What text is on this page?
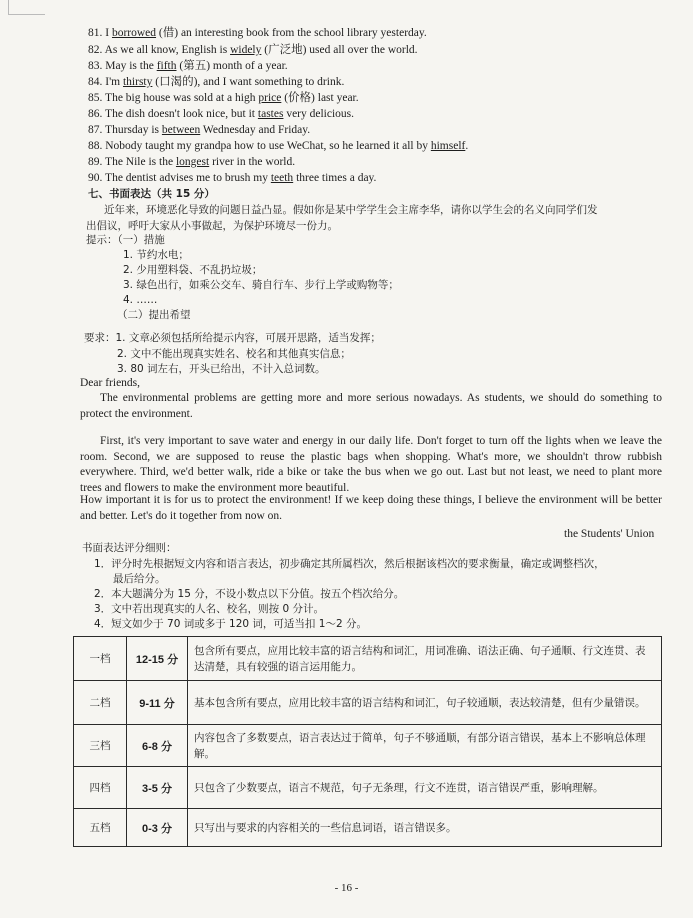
81. I borrowed (借) an interesting book from the school library yesterday.
82. As we all know, English is widely (广泛地) used all over the world.
83. May is the fifth (第五) month of a year.
84. I'm thirsty (口渴的), and I want something to drink.
85. The big house was sold at a high price (价格) last year.
86. The dish doesn't look nice, but it tastes very delicious.
87. Thursday is between Wednesday and Friday.
88. Nobody taught my grandpa how to use WeChat, so he learned it all by himself.
89. The Nile is the longest river in the world.
90. The dentist advises me to brush my teeth three times a day.
七、书面表达（共 15 分）
近年来，环境恶化导致的问题日益凸显。假如你是某中学学生会主席李华，请你以学生会的名义向同学们发
出倡议，呼吁大家从小事做起，为保护环境尽一份力。
提示：（一）措施
1. 节约水电；
2. 少用塑料袋、不乱扔垃圾；
3. 绿色出行，如乘公交车、骑自行车、步行上学或购物等；
4. ……
（二）提出希望
要求：1. 文章必须包括所给提示内容，可展开思路，适当发挥；
2. 文中不能出现真实姓名、校名和其他真实信息；
3. 80 词左右，开头已给出，不计入总词数。
Dear friends,
The environmental problems are getting more and more serious nowadays. As students, we should do something to protect the environment.
First, it's very important to save water and energy in our daily life. Don't forget to turn off the lights when we leave the room. Second, we are supposed to reuse the plastic bags when shopping. What's more, we shouldn't throw rubbish everywhere. Third, we'd better walk, ride a bike or take the bus when we go out. Last but not least, we need to plant more trees and flowers to make the environment more beautiful.
How important it is for us to protect the environment! If we keep doing these things, I believe the environment will be better and better. Let's do it together from now on.
the Students' Union
书面表达评分细则：
1．评分时先根据短文内容和语言表达，初步确定其所属档次，然后根据该档次的要求衡量，确定或调整档次，
最后给分。
2．本大题满分为 15 分，不设小数点以下分值。按五个档次给分。
3．文中若出现真实的人名、校名，则按 0 分计。
4．短文如少于 70 词或多于 120 词，可适当扣 1～2 分。
一档	12-15 分	包含所有要点，应用比较丰富的语言结构和词汇，用词准确、语法正确、句子通顺、行文连贯、表达清楚，具有较强的语言运用能力。
二档	9-11 分	基本包含所有要点，应用比较丰富的语言结构和词汇，句子较通顺，表达较清楚，但有少量错误。
三档	6-8 分	内容包含了多数要点，语言表达过于简单，句子不够通顺，有部分语言错误，基本上不影响总体理解。
四档	3-5 分	只包含了少数要点，语言不规范，句子无条理，行文不连贯，语言错误严重，影响理解。
五档	0-3 分	只写出与要求的内容相关的一些信息词语，语言错误多。
- 16 -
